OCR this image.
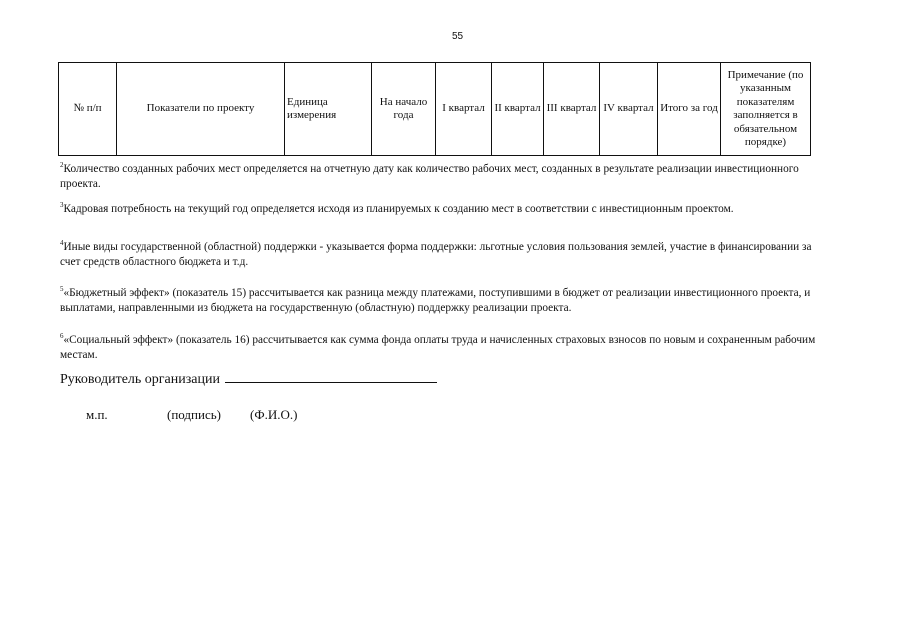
55
№ п/п	Показатели по проекту	Единица измерения	На начало года	I квартал	II квартал	III квартал	IV квартал	Итого за год	Примечание (по указанным показателям заполняется в обязательном порядке)
$^2$Количество созданных рабочих мест определяется на отчетную дату как количество рабочих мест, созданных в результате реализации инвестиционного проекта.
$^3$Кадровая потребность на текущий год определяется исходя из планируемых к созданию мест в соответствии с инвестиционным проектом.
$^4$Иные виды государственной (областной) поддержки - указывается форма поддержки: льготные условия пользования землей, участие в финансировании за счет средств областного бюджета и т.д.
$^5$«Бюджетный эффект» (показатель 15) рассчитывается как разница между платежами, поступившими в бюджет от реализации инвестиционного проекта, и выплатами, направленными из бюджета на государственную (областную) поддержку реализации проекта.
$^6$«Социальный эффект» (показатель 16) рассчитывается как сумма фонда оплаты труда и начисленных страховых взносов по новым и сохраненным рабочим местам.
Руководитель организации
м.п.	(подпись) (Ф.И.О.)
